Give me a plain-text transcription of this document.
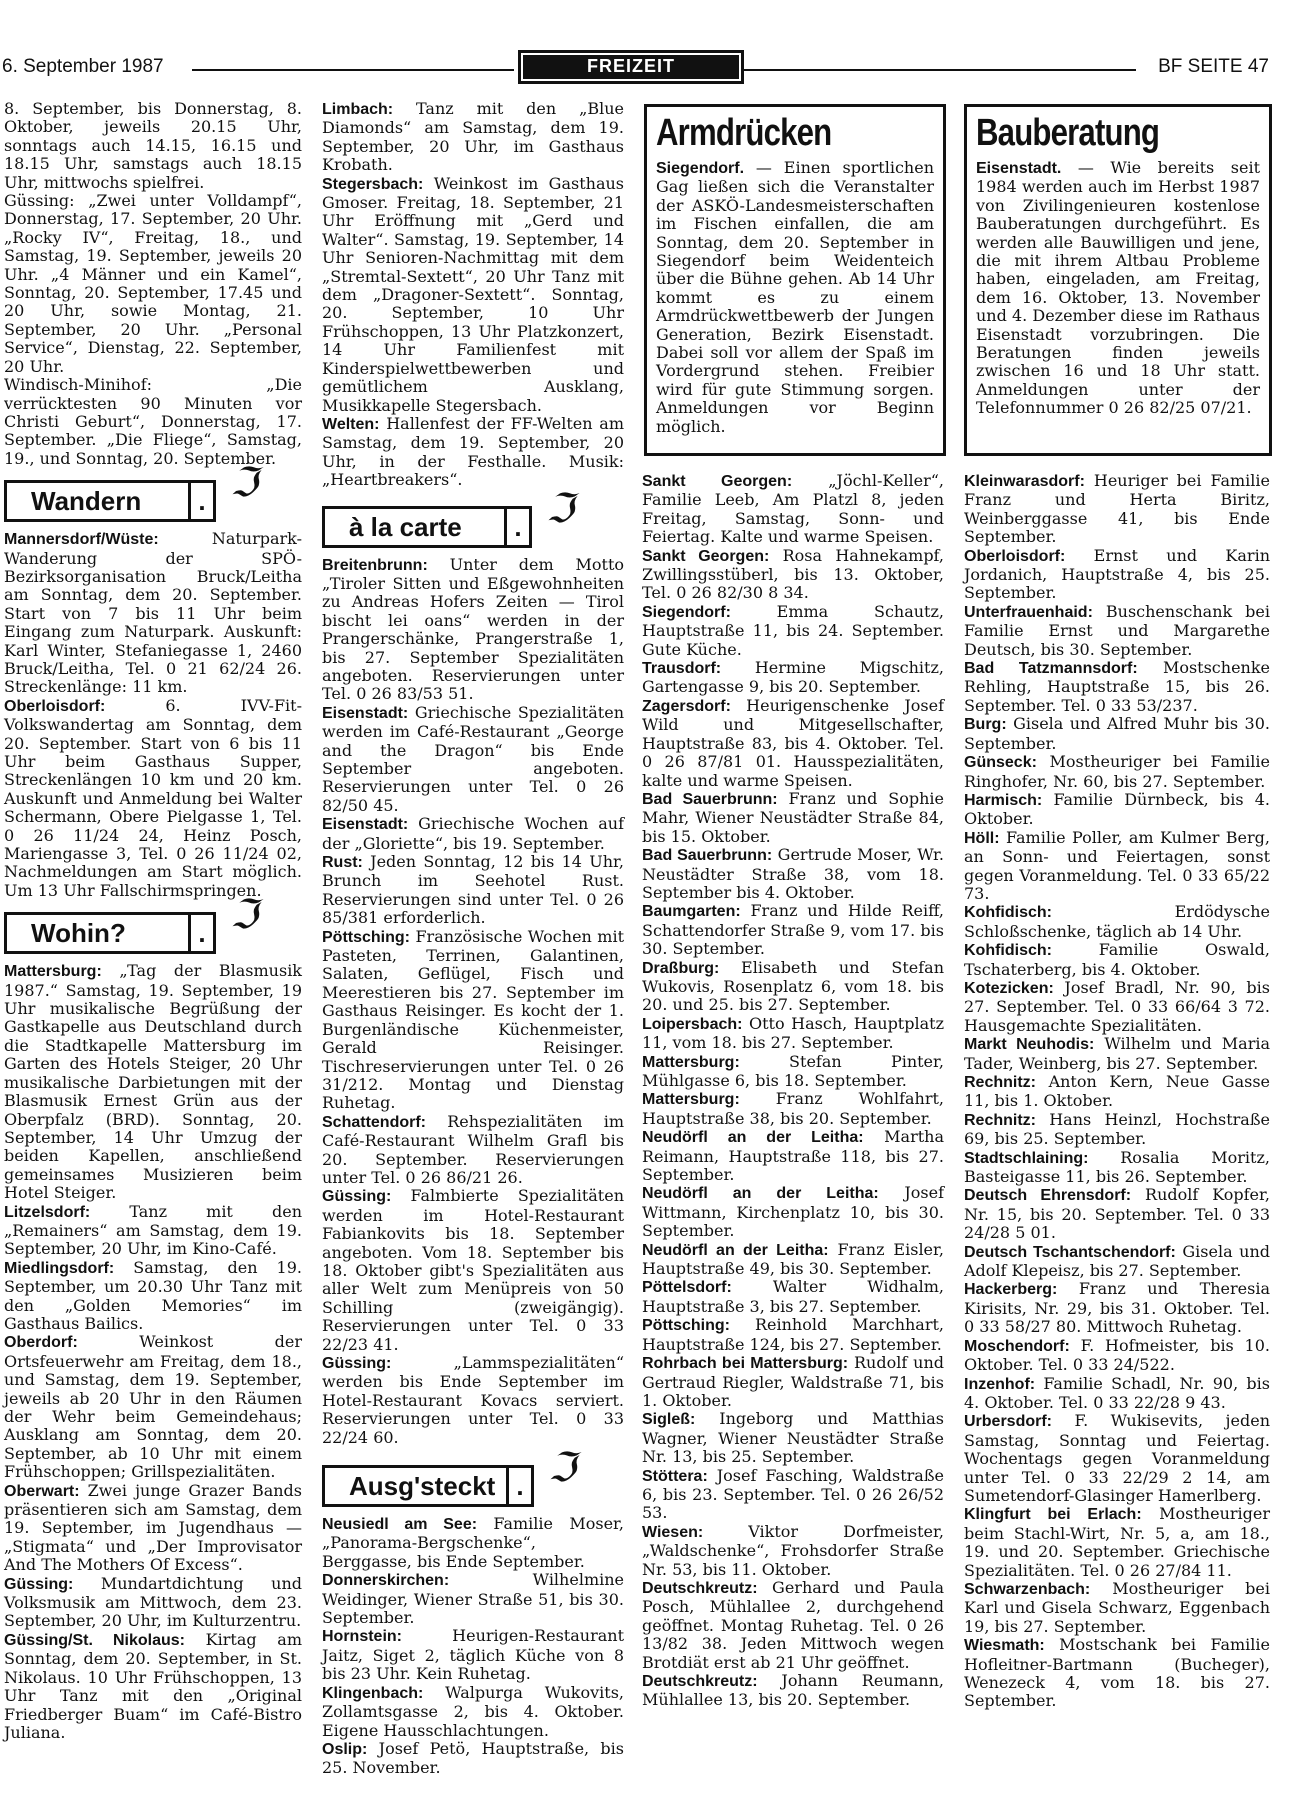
6. September 1987	FREIZEIT	BF SEITE 47

8. September, bis Donnerstag, 8. Oktober, jeweils 20.15 Uhr, sonntags auch 14.15, 16.15 und 18.15 Uhr, samstags auch 18.15 Uhr, mittwochs spielfrei.

Güssing: „Zwei unter Volldampf“, Donnerstag, 17. September, 20 Uhr. „Rocky IV“, Freitag, 18., und Samstag, 19. September, jeweils 20 Uhr. „4 Männer und ein Kamel“, Sonntag, 20. September, 17.45 und 20 Uhr, sowie Montag, 21. September, 20 Uhr. „Personal Service“, Dienstag, 22. September, 20 Uhr.

Windisch-Minihof: „Die verrücktesten 90 Minuten vor Christi Geburt“, Donnerstag, 17. September. „Die Fliege“, Samstag, 19., und Sonntag, 20. September.

Wandern	. ℑ

Mannersdorf/Wüste: Naturpark-Wanderung der SPÖ-Bezirksorganisation Bruck/Leitha am Sonntag, dem 20. September. Start von 7 bis 11 Uhr beim Eingang zum Naturpark. Auskunft: Karl Winter, Stefaniegasse 1, 2460 Bruck/Leitha, Tel. 0 21 62/24 26. Streckenlänge: 11 km.

Oberloisdorf: 6. IVV-Fit-Volkswandertag am Sonntag, dem 20. September. Start von 6 bis 11 Uhr beim Gasthaus Supper, Streckenlängen 10 km und 20 km. Auskunft und Anmeldung bei Walter Schermann, Obere Pielgasse 1, Tel. 0 26 11/24 24, Heinz Posch, Mariengasse 3, Tel. 0 26 11/24 02, Nachmeldungen am Start möglich. Um 13 Uhr Fallschirmspringen.

Wohin?	. ℑ

Mattersburg: „Tag der Blasmusik 1987.“ Samstag, 19. September, 19 Uhr musikalische Begrüßung der Gastkapelle aus Deutschland durch die Stadtkapelle Mattersburg im Garten des Hotels Steiger, 20 Uhr musikalische Darbietungen mit der Blasmusik Ernest Grün aus der Oberpfalz (BRD). Sonntag, 20. September, 14 Uhr Umzug der beiden Kapellen, anschließend gemeinsames Musizieren beim Hotel Steiger.

Litzelsdorf: Tanz mit den „Remainers“ am Samstag, dem 19. September, 20 Uhr, im Kino-Café.

Miedlingsdorf: Samstag, den 19. September, um 20.30 Uhr Tanz mit den „Golden Memories“ im Gasthaus Bailics.

Oberdorf: Weinkost der Ortsfeuerwehr am Freitag, dem 18., und Samstag, dem 19. September, jeweils ab 20 Uhr in den Räumen der Wehr beim Gemeindehaus; Ausklang am Sonntag, dem 20. September, ab 10 Uhr mit einem Frühschoppen; Grillspezialitäten.

Oberwart: Zwei junge Grazer Bands präsentieren sich am Samstag, dem 19. September, im Jugendhaus — „Stigmata“ und „Der Improvisator And The Mothers Of Excess“.

Güssing: Mundartdichtung und Volksmusik am Mittwoch, dem 23. September, 20 Uhr, im Kulturzentru.

Güssing/St. Nikolaus: Kirtag am Sonntag, dem 20. September, in St. Nikolaus. 10 Uhr Frühschoppen, 13 Uhr Tanz mit den „Original Friedberger Buam“ im Café-Bistro Juliana.

Limbach: Tanz mit den „Blue Diamonds“ am Samstag, dem 19. September, 20 Uhr, im Gasthaus Krobath.

Stegersbach: Weinkost im Gasthaus Gmoser. Freitag, 18. September, 21 Uhr Eröffnung mit „Gerd und Walter“. Samstag, 19. September, 14 Uhr Senioren-Nachmittag mit dem „Stremtal-Sextett“, 20 Uhr Tanz mit dem „Dragoner-Sextett“. Sonntag, 20. September, 10 Uhr Frühschoppen, 13 Uhr Platzkonzert, 14 Uhr Familienfest mit Kinderspielwettbewerben und gemütlichem Ausklang, Musikkapelle Stegersbach.

Welten: Hallenfest der FF-Welten am Samstag, dem 19. September, 20 Uhr, in der Festhalle. Musik: „Heartbreakers“.

à la carte	. ℑ

Breitenbrunn: Unter dem Motto „Tiroler Sitten und Eßgewohnheiten zu Andreas Hofers Zeiten — Tirol bischt lei oans“ werden in der Prangerschänke, Prangerstraße 1, bis 27. September Spezialitäten angeboten. Reservierungen unter Tel. 0 26 83/53 51.

Eisenstadt: Griechische Spezialitäten werden im Café-Restaurant „George and the Dragon“ bis Ende September angeboten. Reservierungen unter Tel. 0 26 82/50 45.

Eisenstadt: Griechische Wochen auf der „Gloriette“, bis 19. September.

Rust: Jeden Sonntag, 12 bis 14 Uhr, Brunch im Seehotel Rust. Reservierungen sind unter Tel. 0 26 85/381 erforderlich.

Pöttsching: Französische Wochen mit Pasteten, Terrinen, Galantinen, Salaten, Geflügel, Fisch und Meerestieren bis 27. September im Gasthaus Reisinger. Es kocht der 1. Burgenländische Küchenmeister, Gerald Reisinger. Tischreservierungen unter Tel. 0 26 31/212. Montag und Dienstag Ruhetag.

Schattendorf: Rehspezialitäten im Café-Restaurant Wilhelm Grafl bis 20. September. Reservierungen unter Tel. 0 26 86/21 26.

Güssing: Falmbierte Spezialitäten werden im Hotel-Restaurant Fabiankovits bis 18. September angeboten. Vom 18. September bis 18. Oktober gibt's Spezialitäten aus aller Welt zum Menüpreis von 50 Schilling (zweigängig). Reservierungen unter Tel. 0 33 22/23 41.

Güssing: „Lammspezialitäten“ werden bis Ende September im Hotel-Restaurant Kovacs serviert. Reservierungen unter Tel. 0 33 22/24 60.

Ausg'steckt . ℑ

Neusiedl am See: Familie Moser, „Panorama-Bergschenke“, Berggasse, bis Ende September.

Donnerskirchen: Wilhelmine Weidinger, Wiener Straße 51, bis 30. September.

Hornstein: Heurigen-Restaurant Jaitz, Siget 2, täglich Küche von 8 bis 23 Uhr. Kein Ruhetag.

Klingenbach: Walpurga Wukovits, Zollamtsgasse 2, bis 4. Oktober. Eigene Hausschlachtungen.

Oslip: Josef Petö, Hauptstraße, bis 25. November.

Armdrücken

Siegendorf. — Einen sportlichen Gag ließen sich die Veranstalter der ASKÖ-Landesmeisterschaften im Fischen einfallen, die am Sonntag, dem 20. September in Siegendorf beim Weidenteich über die Bühne gehen. Ab 14 Uhr kommt es zu einem Armdrückwettbewerb der Jungen Generation, Bezirk Eisenstadt. Dabei soll vor allem der Spaß im Vordergrund stehen. Freibier wird für gute Stimmung sorgen. Anmeldungen vor Beginn möglich.

Bauberatung

Eisenstadt. — Wie bereits seit 1984 werden auch im Herbst 1987 von Zivilingenieuren kostenlose Bauberatungen durchgeführt. Es werden alle Bauwilligen und jene, die mit ihrem Altbau Probleme haben, eingeladen, am Freitag, dem 16. Oktober, 13. November und 4. Dezember diese im Rathaus Eisenstadt vorzubringen. Die Beratungen finden jeweils zwischen 16 und 18 Uhr statt. Anmeldungen unter der Telefonnummer 0 26 82/25 07/21.

Sankt Georgen: „Jöchl-Keller“, Familie Leeb, Am Platzl 8, jeden Freitag, Samstag, Sonn- und Feiertag. Kalte und warme Speisen.

Sankt Georgen: Rosa Hahnekampf, Zwillingsstüberl, bis 13. Oktober, Tel. 0 26 82/30 8 34.

Siegendorf: Emma Schautz, Hauptstraße 11, bis 24. September. Gute Küche.

Trausdorf: Hermine Migschitz, Gartengasse 9, bis 20. September.

Zagersdorf: Heurigenschenke Josef Wild und Mitgesellschafter, Hauptstraße 83, bis 4. Oktober. Tel. 0 26 87/81 01. Hausspezialitäten, kalte und warme Speisen.

Bad Sauerbrunn: Franz und Sophie Mahr, Wiener Neustädter Straße 84, bis 15. Oktober.

Bad Sauerbrunn: Gertrude Moser, Wr. Neustädter Straße 38, vom 18. September bis 4. Oktober.

Baumgarten: Franz und Hilde Reiff, Schattendorfer Straße 9, vom 17. bis 30. September.

Draßburg: Elisabeth und Stefan Wukovis, Rosenplatz 6, vom 18. bis 20. und 25. bis 27. September.

Loipersbach: Otto Hasch, Hauptplatz 11, vom 18. bis 27. September.

Mattersburg: Stefan Pinter, Mühlgasse 6, bis 18. September.

Mattersburg: Franz Wohlfahrt, Hauptstraße 38, bis 20. September.

Neudörfl an der Leitha: Martha Reimann, Hauptstraße 118, bis 27. September.

Neudörfl an der Leitha: Josef Wittmann, Kirchenplatz 10, bis 30. September.

Neudörfl an der Leitha: Franz Eisler, Hauptstraße 49, bis 30. September.

Pöttelsdorf: Walter Widhalm, Hauptstraße 3, bis 27. September.

Pöttsching: Reinhold Marchhart, Hauptstraße 124, bis 27. September.

Rohrbach bei Mattersburg: Rudolf und Gertraud Riegler, Waldstraße 71, bis 1. Oktober.

Sigleß: Ingeborg und Matthias Wagner, Wiener Neustädter Straße Nr. 13, bis 25. September.

Stöttera: Josef Fasching, Waldstraße 6, bis 23. September. Tel. 0 26 26/52 53.

Wiesen: Viktor Dorfmeister, „Waldschenke“, Frohsdorfer Straße Nr. 53, bis 11. Oktober.

Deutschkreutz: Gerhard und Paula Posch, Mühlallee 2, durchgehend geöffnet. Montag Ruhetag. Tel. 0 26 13/82 38. Jeden Mittwoch wegen Brotdiät erst ab 21 Uhr geöffnet.

Deutschkreutz: Johann Reumann, Mühlallee 13, bis 20. September.

Kleinwarasdorf: Heuriger bei Familie Franz und Herta Biritz, Weinberggasse 41, bis Ende September.

Oberloisdorf: Ernst und Karin Jordanich, Hauptstraße 4, bis 25. September.

Unterfrauenhaid: Buschenschank bei Familie Ernst und Margarethe Deutsch, bis 30. September.

Bad Tatzmannsdorf: Mostschenke Rehling, Hauptstraße 15, bis 26. September. Tel. 0 33 53/237.

Burg: Gisela und Alfred Muhr bis 30. September.

Günseck: Mostheuriger bei Familie Ringhofer, Nr. 60, bis 27. September.

Harmisch: Familie Dürnbeck, bis 4. Oktober.

Höll: Familie Poller, am Kulmer Berg, an Sonn- und Feiertagen, sonst gegen Voranmeldung. Tel. 0 33 65/22 73.

Kohfidisch: Erdödysche Schloßschenke, täglich ab 14 Uhr.

Kohfidisch: Familie Oswald, Tschaterberg, bis 4. Oktober.

Kotezicken: Josef Bradl, Nr. 90, bis 27. September. Tel. 0 33 66/64 3 72. Hausgemachte Spezialitäten.

Markt Neuhodis: Wilhelm und Maria Tader, Weinberg, bis 27. September.

Rechnitz: Anton Kern, Neue Gasse 11, bis 1. Oktober.

Rechnitz: Hans Heinzl, Hochstraße 69, bis 25. September.

Stadtschlaining: Rosalia Moritz, Basteigasse 11, bis 26. September.

Deutsch Ehrensdorf: Rudolf Kopfer, Nr. 15, bis 20. September. Tel. 0 33 24/28 5 01.

Deutsch Tschantschendorf: Gisela und Adolf Klepeisz, bis 27. September.

Hackerberg: Franz und Theresia Kirisits, Nr. 29, bis 31. Oktober. Tel. 0 33 58/27 80. Mittwoch Ruhetag.

Moschendorf: F. Hofmeister, bis 10. Oktober. Tel. 0 33 24/522.

Inzenhof: Familie Schadl, Nr. 90, bis 4. Oktober. Tel. 0 33 22/28 9 43.

Urbersdorf: F. Wukisevits, jeden Samstag, Sonntag und Feiertag. Wochentags gegen Voranmeldung unter Tel. 0 33 22/29 2 14, am Sumetendorf-Glasinger Hamerlberg.

Klingfurt bei Erlach: Mostheuriger beim Stachl-Wirt, Nr. 5, a, am 18., 19. und 20. September. Griechische Spezialitäten. Tel. 0 26 27/84 11.

Schwarzenbach: Mostheuriger bei Karl und Gisela Schwarz, Eggenbach 19, bis 27. September.

Wiesmath: Mostschank bei Familie Hofleitner-Bartmann (Bucheger), Wenezeck 4, vom 18. bis 27. September.
